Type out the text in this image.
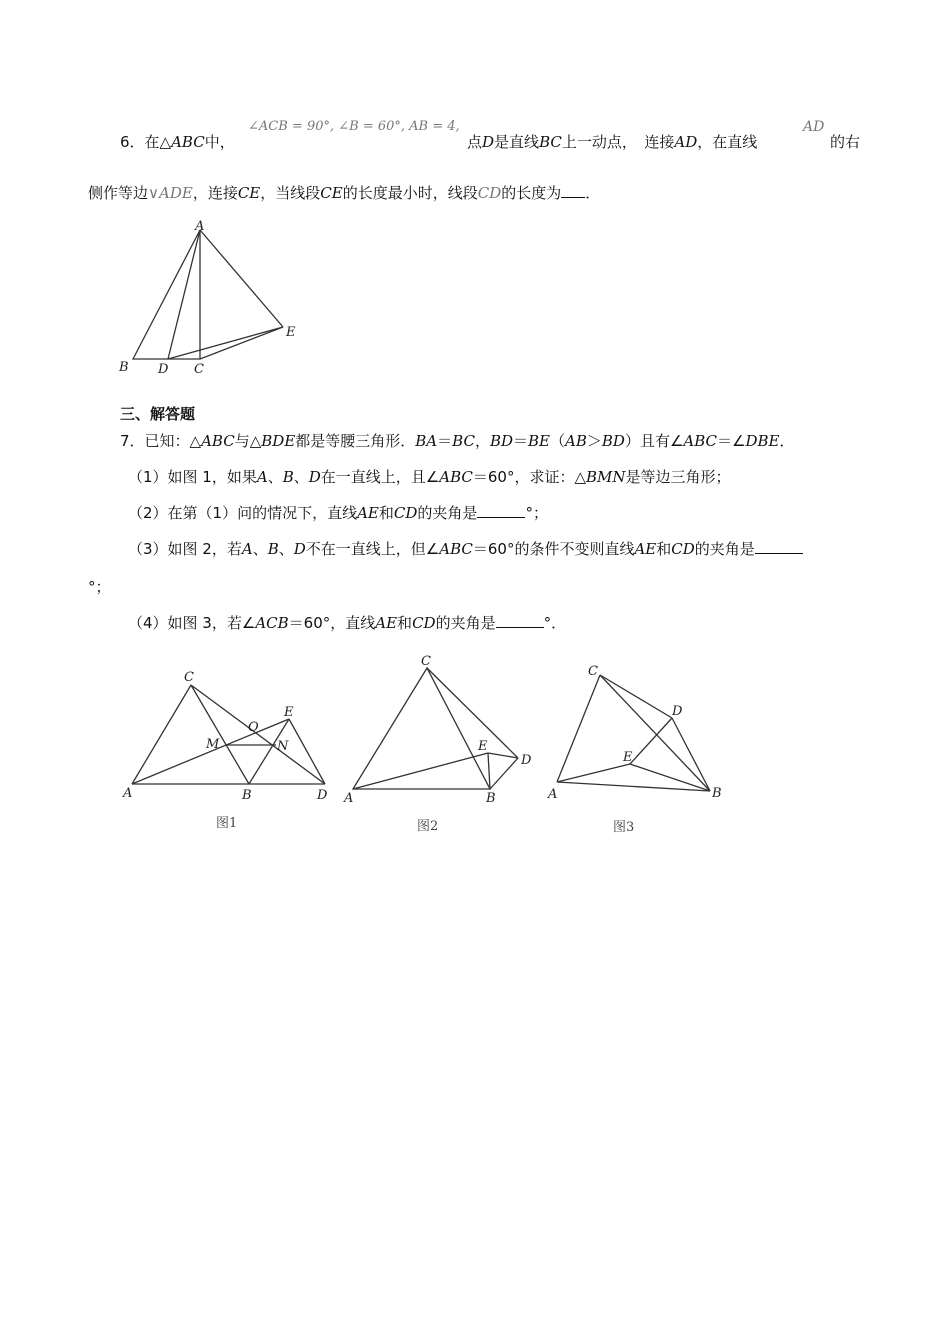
∠ACB = 90°, ∠B = 60°, AB = 4,
6．在△ABC中，	点D是直线BC上一动点，　连接AD，在直线
AD
的右
侧作等边∨ADE，连接CE，当线段CE的长度最小时，线段CD的长度为 ．
A
B D C
E
三、解答题
7．已知：△ABC与△BDE都是等腰三角形．BA＝BC，BD＝BE（AB＞BD）且有∠ABC＝∠DBE．
（1）如图 1，如果A、B、D在一直线上，且∠ABC＝60°，求证：△BMN是等边三角形；
（2）在第（1）问的情况下，直线AE和CD的夹角是	°；
（3）如图 2，若A、B、D不在一直线上，但∠ABC＝60°的条件不变则直线AE和CD的夹角是
°；
（4）如图 3，若∠ACB＝60°，直线AE和CD的夹角是	°．
C
E
O
M	N
A	B	D
图1
C
E
D
A	B
图2
C
D
E
A	B
图3
